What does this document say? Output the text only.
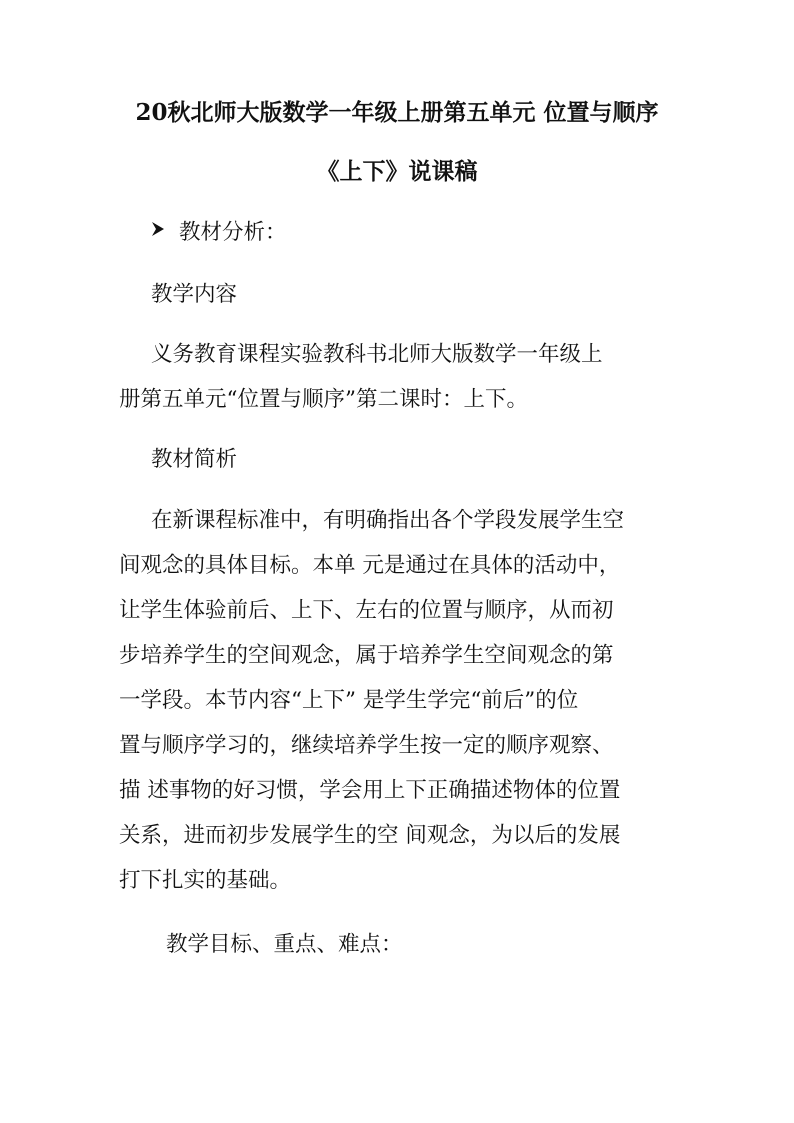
20秋北师大版数学一年级上册第五单元 位置与顺序
《上下》说课稿
教材分析：
教学内容
义务教育课程实验教科书北师大版数学一年级上
册第五单元“位置与顺序”第二课时：上下。
教材简析
在新课程标准中，有明确指出各个学段发展学生空
间观念的具体目标。本单 元是通过在具体的活动中，
让学生体验前后、上下、左右的位置与顺序，从而初
步培养学生的空间观念，属于培养学生空间观念的第
一学段。本节内容“上下” 是学生学完“前后”的位
置与顺序学习的，继续培养学生按一定的顺序观察、
描 述事物的好习惯，学会用上下正确描述物体的位置
关系，进而初步发展学生的空 间观念，为以后的发展
打下扎实的基础。
教学目标、重点、难点：
